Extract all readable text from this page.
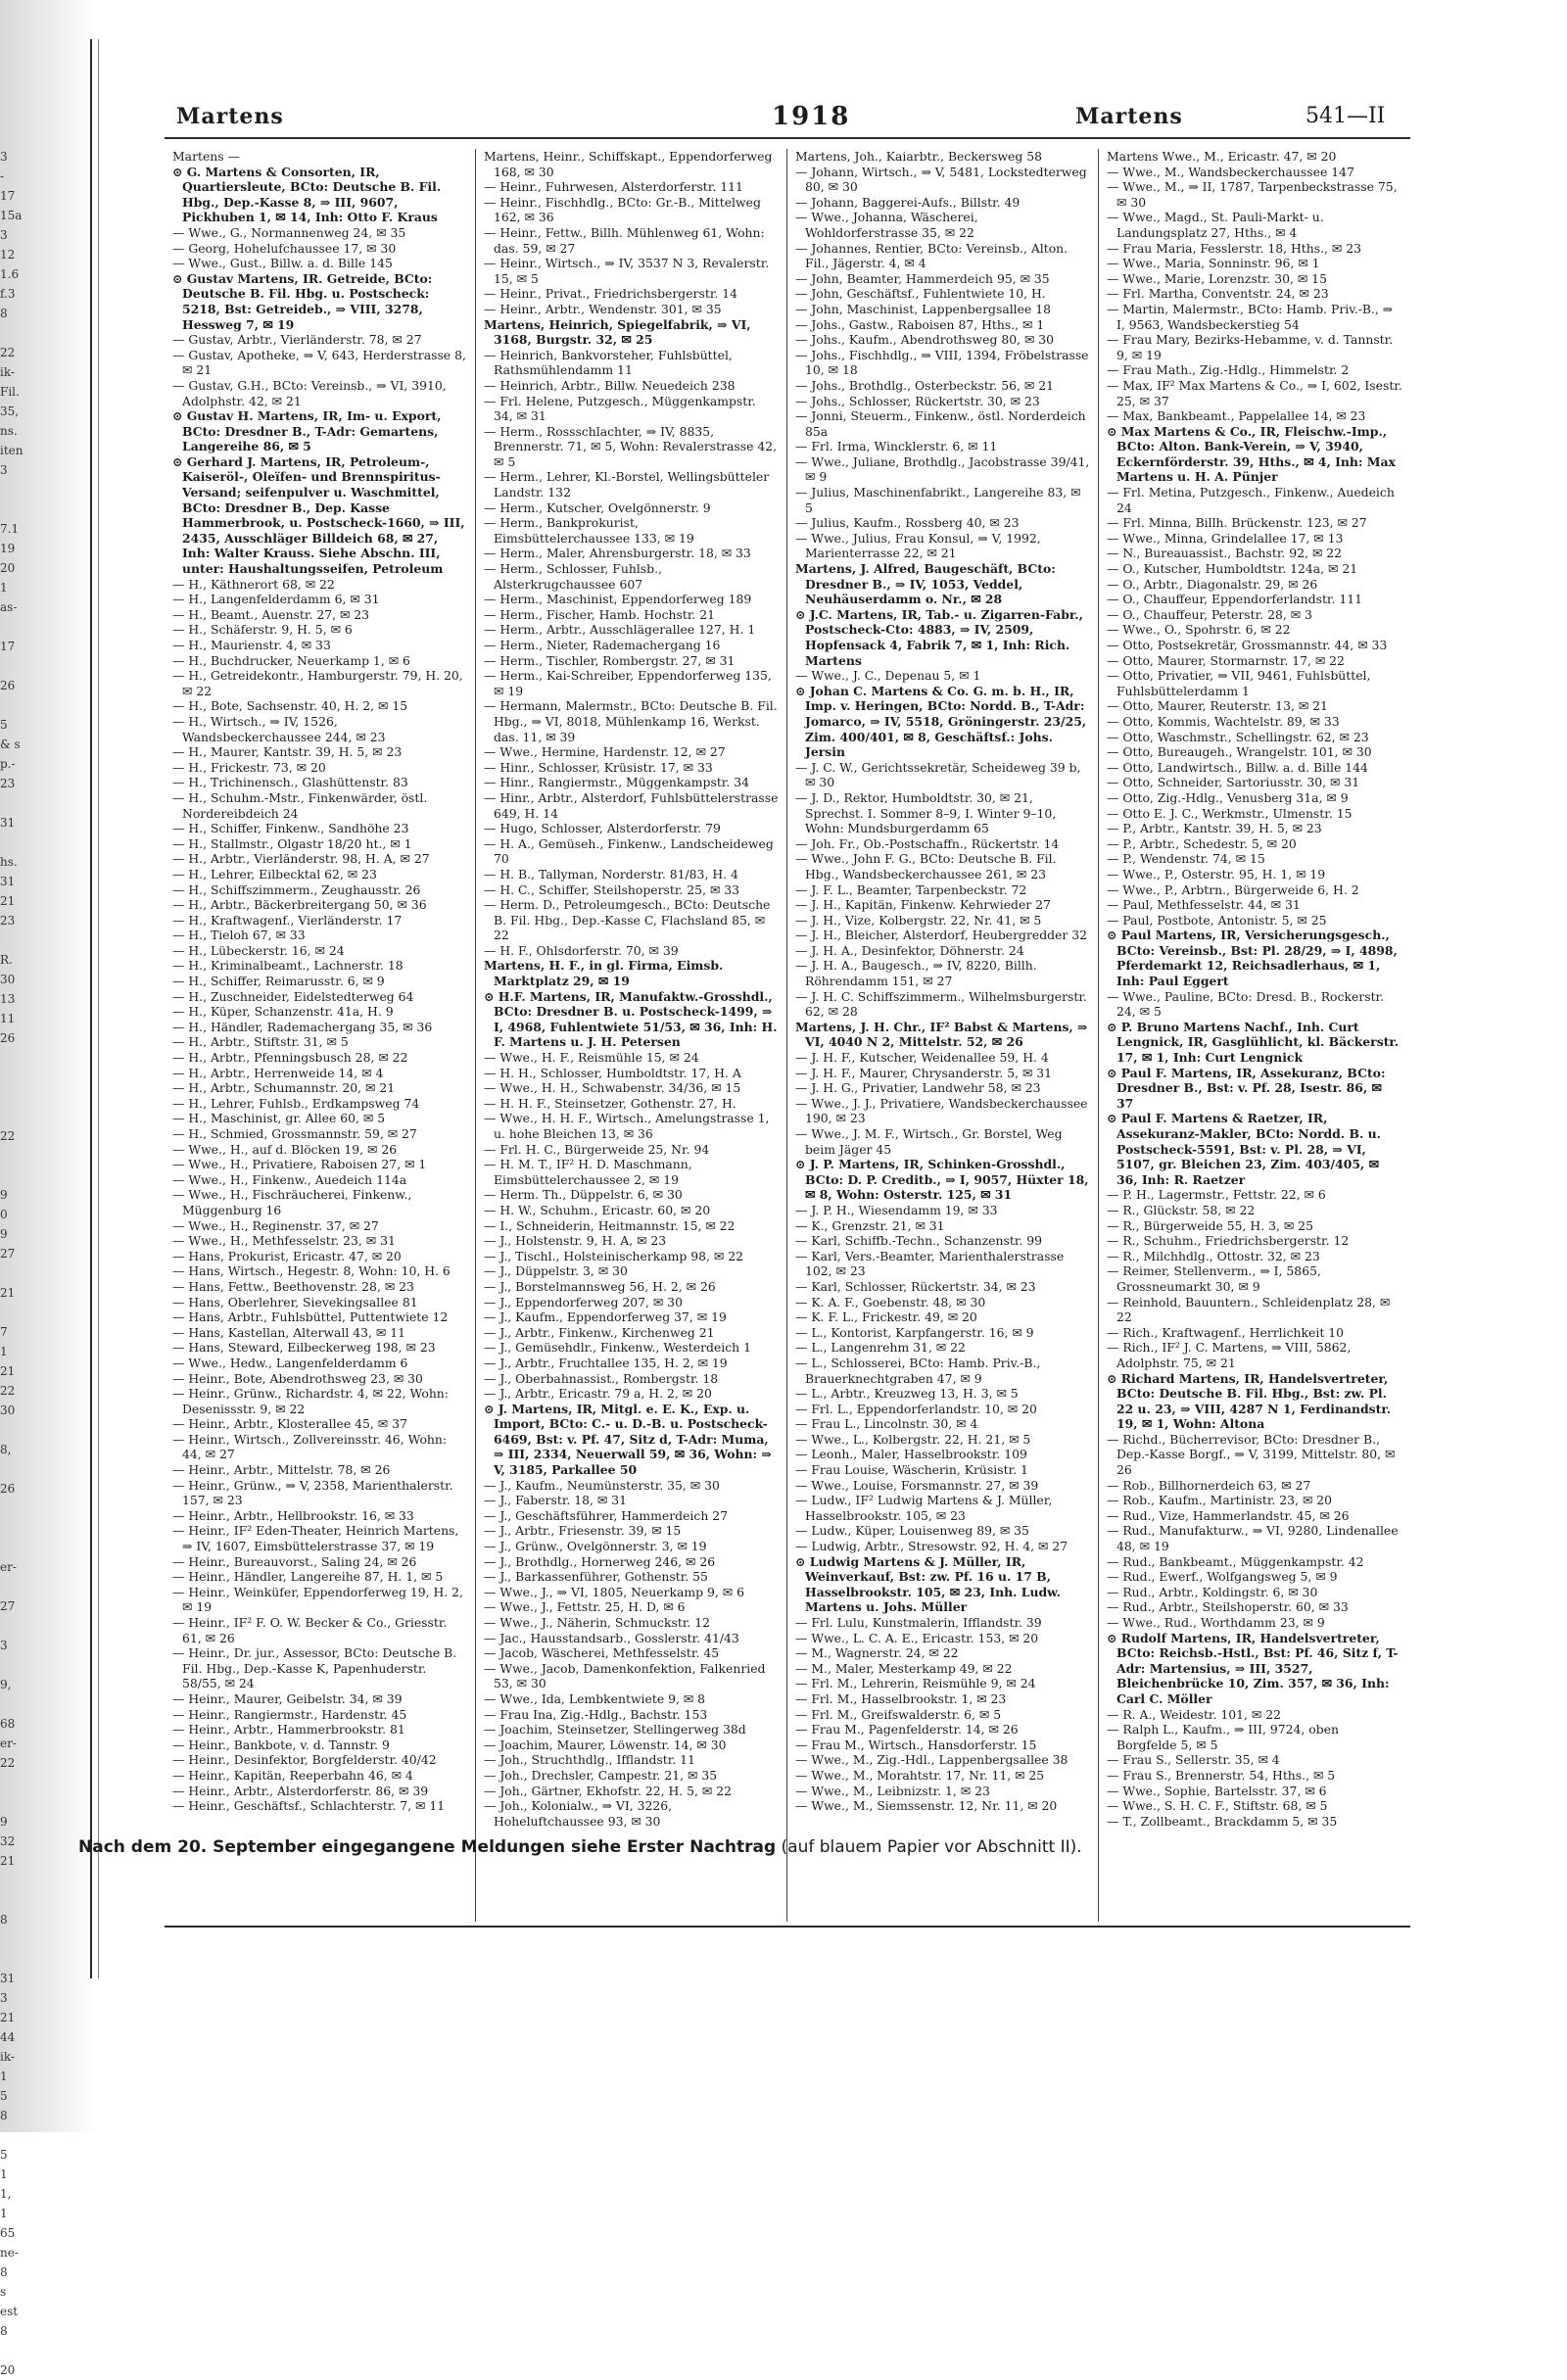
3
-
17
15a
3
12
1.6
f.3
8

22
ik-
Fil.
35,
ns.
iten
3

7.1
19
20
1
as-

17

26

5
& s
p.-
23

31

hs.
31
21
23

R.
30
13
11
26

22

9
0
9
27

21

7
1
21
22
30

8,

26

er-

27

3

9,

68
er-
22

9
32
21

8

31
3
21
44
ik-
1
5
8

5
1
1,
1
65
ne-
8
s
est
8

20
Martens	1918	Martens	541—II
Martens —
⊙ G. Martens & Consorten, IR, Quartiersleute, BCto: Deutsche B. Fil. Hbg., Dep.-Kasse 8, ⇒ III, 9607, Pickhuben 1, ✉ 14, Inh: Otto F. Kraus
— Wwe., G., Normannenweg 24, ✉ 35
— Georg, Hohelufchaussee 17, ✉ 30
— Wwe., Gust., Billw. a. d. Bille 145
⊙ Gustav Martens, IR. Getreide, BCto: Deutsche B. Fil. Hbg. u. Postscheck: 5218, Bst: Getreideb., ⇒ VIII, 3278, Hessweg 7, ✉ 19
— Gustav, Arbtr., Vierländerstr. 78, ✉ 27
— Gustav, Apotheke, ⇒ V, 643, Herderstrasse 8, ✉ 21
— Gustav, G.H., BCto: Vereinsb., ⇒ VI, 3910, Adolphstr. 42, ✉ 21
⊙ Gustav H. Martens, IR, Im- u. Export, BCto: Dresdner B., T-Adr: Gemartens, Langereihe 86, ✉ 5
⊙ Gerhard J. Martens, IR, Petroleum-, Kaiseröl-, Oleïfen- und Brennspiritus-Versand; seifenpulver u. Waschmittel, BCto: Dresdner B., Dep. Kasse Hammerbrook, u. Postscheck-1660, ⇒ III, 2435, Ausschläger Billdeich 68, ✉ 27, Inh: Walter Krauss. Siehe Abschn. III, unter: Haushaltungsseifen, Petroleum
— H., Käthnerort 68, ✉ 22
— H., Langenfelderdamm 6, ✉ 31
— H., Beamt., Auenstr. 27, ✉ 23
— H., Schäferstr. 9, H. 5, ✉ 6
— H., Maurienstr. 4, ✉ 33
— H., Buchdrucker, Neuerkamp 1, ✉ 6
— H., Getreidekontr., Hamburgerstr. 79, H. 20, ✉ 22
— H., Bote, Sachsenstr. 40, H. 2, ✉ 15
— H., Wirtsch., ⇒ IV, 1526, Wandsbeckerchaussee 244, ✉ 23
— H., Maurer, Kantstr. 39, H. 5, ✉ 23
— H., Frickestr. 73, ✉ 20
— H., Trichinensch., Glashüttenstr. 83
— H., Schuhm.-Mstr., Finkenwärder, östl. Nordereibdeich 24
— H., Schiffer, Finkenw., Sandhöhe 23
— H., Stallmstr., Olgastr 18/20 ht., ✉ 1
— H., Arbtr., Vierländerstr. 98, H. A, ✉ 27
— H., Lehrer, Eilbecktal 62, ✉ 23
— H., Schiffszimmerm., Zeughausstr. 26
— H., Arbtr., Bäckerbreitergang 50, ✉ 36
— H., Kraftwagenf., Vierländerstr. 17
— H., Tieloh 67, ✉ 33
— H., Lübeckerstr. 16, ✉ 24
— H., Kriminalbeamt., Lachnerstr. 18
— H., Schiffer, Reimarusstr. 6, ✉ 9
— H., Zuschneider, Eidelstedterweg 64
— H., Küper, Schanzenstr. 41a, H. 9
— H., Händler, Rademachergang 35, ✉ 36
— H., Arbtr., Stiftstr. 31, ✉ 5
— H., Arbtr., Pfenningsbusch 28, ✉ 22
— H., Arbtr., Herrenweide 14, ✉ 4
— H., Arbtr., Schumannstr. 20, ✉ 21
— H., Lehrer, Fuhlsb., Erdkampsweg 74
— H., Maschinist, gr. Allee 60, ✉ 5
— H., Schmied, Grossmannstr. 59, ✉ 27
— Wwe., H., auf d. Blöcken 19, ✉ 26
— Wwe., H., Privatiere, Raboisen 27, ✉ 1
— Wwe., H., Finkenw., Auedeich 114a
— Wwe., H., Fischräucherei, Finkenw., Müggenburg 16
— Wwe., H., Reginenstr. 37, ✉ 27
— Wwe., H., Methfesselstr. 23, ✉ 31
— Hans, Prokurist, Ericastr. 47, ✉ 20
— Hans, Wirtsch., Hegestr. 8, Wohn: 10, H. 6
— Hans, Fettw., Beethovenstr. 28, ✉ 23
— Hans, Oberlehrer, Sievekingsallee 81
— Hans, Arbtr., Fuhlsbüttel, Puttentwiete 12
— Hans, Kastellan, Alterwall 43, ✉ 11
— Hans, Steward, Eilbeckerweg 198, ✉ 23
— Wwe., Hedw., Langenfelderdamm 6
— Heinr., Bote, Abendrothsweg 23, ✉ 30
— Heinr., Grünw., Richardstr. 4, ✉ 22, Wohn: Desenissstr. 9, ✉ 22
— Heinr., Arbtr., Klosterallee 45, ✉ 37
— Heinr., Wirtsch., Zollvereinsstr. 46, Wohn: 44, ✉ 27
— Heinr., Arbtr., Mittelstr. 78, ✉ 26
— Heinr., Grünw., ⇒ V, 2358, Marienthalerstr. 157, ✉ 23
— Heinr., Arbtr., Hellbrookstr. 16, ✉ 33
— Heinr., IF² Eden-Theater, Heinrich Martens, ⇒ IV, 1607, Eimsbüttelerstrasse 37, ✉ 19
— Heinr., Bureauvorst., Saling 24, ✉ 26
— Heinr., Händler, Langereihe 87, H. 1, ✉ 5
— Heinr., Weinküfer, Eppendorferweg 19, H. 2, ✉ 19
— Heinr., IF² F. O. W. Becker & Co., Griesstr. 61, ✉ 26
— Heinr., Dr. jur., Assessor, BCto: Deutsche B. Fil. Hbg., Dep.-Kasse K, Papenhuderstr. 58/55, ✉ 24
— Heinr., Maurer, Geibelstr. 34, ✉ 39
— Heinr., Rangiermstr., Hardenstr. 45
— Heinr., Arbtr., Hammerbrookstr. 81
— Heinr., Bankbote, v. d. Tannstr. 9
— Heinr., Desinfektor, Borgfelderstr. 40/42
— Heinr., Kapitän, Reeperbahn 46, ✉ 4
— Heinr., Arbtr., Alsterdorferstr. 86, ✉ 39
— Heinr., Geschäftsf., Schlachterstr. 7, ✉ 11
Martens, Heinr., Schiffskapt., Eppendorferweg 168, ✉ 30
— Heinr., Fuhrwesen, Alsterdorferstr. 111
— Heinr., Fischhdlg., BCto: Gr.-B., Mittelweg 162, ✉ 36
— Heinr., Fettw., Billh. Mühlenweg 61, Wohn: das. 59, ✉ 27
— Heinr., Wirtsch., ⇒ IV, 3537 N 3, Revalerstr. 15, ✉ 5
— Heinr., Privat., Friedrichsbergerstr. 14
— Heinr., Arbtr., Wendenstr. 301, ✉ 35
Martens, Heinrich, Spiegelfabrik, ⇒ VI, 3168, Burgstr. 32, ✉ 25
— Heinrich, Bankvorsteher, Fuhlsbüttel, Rathsmühlendamm 11
— Heinrich, Arbtr., Billw. Neuedeich 238
— Frl. Helene, Putzgesch., Müggenkampstr. 34, ✉ 31
— Herm., Rossschlachter, ⇒ IV, 8835, Brennerstr. 71, ✉ 5, Wohn: Revalerstrasse 42, ✉ 5
— Herm., Lehrer, Kl.-Borstel, Wellingsbütteler Landstr. 132
— Herm., Kutscher, Ovelgönnerstr. 9
— Herm., Bankprokurist, Eimsbüttelerchaussee 133, ✉ 19
— Herm., Maler, Ahrensburgerstr. 18, ✉ 33
— Herm., Schlosser, Fuhlsb., Alsterkrugchaussee 607
— Herm., Maschinist, Eppendorferweg 189
— Herm., Fischer, Hamb. Hochstr. 21
— Herm., Arbtr., Ausschlägerallee 127, H. 1
— Herm., Nieter, Rademachergang 16
— Herm., Tischler, Rombergstr. 27, ✉ 31
— Herm., Kai-Schreiber, Eppendorferweg 135, ✉ 19
— Hermann, Malermstr., BCto: Deutsche B. Fil. Hbg., ⇒ VI, 8018, Mühlenkamp 16, Werkst. das. 11, ✉ 39
— Wwe., Hermine, Hardenstr. 12, ✉ 27
— Hinr., Schlosser, Krüsistr. 17, ✉ 33
— Hinr., Rangiermstr., Müggenkampstr. 34
— Hinr., Arbtr., Alsterdorf, Fuhlsbüttelerstrasse 649, H. 14
— Hugo, Schlosser, Alsterdorferstr. 79
— H. A., Gemüseh., Finkenw., Landscheideweg 70
— H. B., Tallyman, Norderstr. 81/83, H. 4
— H. C., Schiffer, Steilshoperstr. 25, ✉ 33
— Herm. D., Petroleumgesch., BCto: Deutsche B. Fil. Hbg., Dep.-Kasse C, Flachsland 85, ✉ 22
— H. F., Ohlsdorferstr. 70, ✉ 39
Martens, H. F., in gl. Firma, Eimsb. Marktplatz 29, ✉ 19
⊙ H.F. Martens, IR, Manufaktw.-Grosshdl., BCto: Dresdner B. u. Postscheck-1499, ⇒ I, 4968, Fuhlentwiete 51/53, ✉ 36, Inh: H. F. Martens u. J. H. Petersen
— Wwe., H. F., Reismühle 15, ✉ 24
— H. H., Schlosser, Humboldtstr. 17, H. A
— Wwe., H. H., Schwabenstr. 34/36, ✉ 15
— H. H. F., Steinsetzer, Gothenstr. 27, H.
— Wwe., H. H. F., Wirtsch., Amelungstrasse 1, u. hohe Bleichen 13, ✉ 36
— Frl. H. C., Bürgerweide 25, Nr. 94
— H. M. T., IF² H. D. Maschmann, Eimsbüttelerchaussee 2, ✉ 19
— Herm. Th., Düppelstr. 6, ✉ 30
— H. W., Schuhm., Ericastr. 60, ✉ 20
— I., Schneiderin, Heitmannstr. 15, ✉ 22
— J., Holstenstr. 9, H. A, ✉ 23
— J., Tischl., Holsteinischerkamp 98, ✉ 22
— J., Düppelstr. 3, ✉ 30
— J., Borstelmannsweg 56, H. 2, ✉ 26
— J., Eppendorferweg 207, ✉ 30
— J., Kaufm., Eppendorferweg 37, ✉ 19
— J., Arbtr., Finkenw., Kirchenweg 21
— J., Gemüsehdlr., Finkenw., Westerdeich 1
— J., Arbtr., Fruchtallee 135, H. 2, ✉ 19
— J., Oberbahnassist., Rombergstr. 18
— J., Arbtr., Ericastr. 79 a, H. 2, ✉ 20
⊙ J. Martens, IR, Mitgl. e. E. K., Exp. u. Import, BCto: C.- u. D.-B. u. Postscheck-6469, Bst: v. Pf. 47, Sitz d, T-Adr: Muma, ⇒ III, 2334, Neuerwall 59, ✉ 36, Wohn: ⇒ V, 3185, Parkallee 50
— J., Kaufm., Neumünsterstr. 35, ✉ 30
— J., Faberstr. 18, ✉ 31
— J., Geschäftsführer, Hammerdeich 27
— J., Arbtr., Friesenstr. 39, ✉ 15
— J., Grünw., Ovelgönnerstr. 3, ✉ 19
— J., Brothdlg., Hornerweg 246, ✉ 26
— J., Barkassenführer, Gothenstr. 55
— Wwe., J., ⇒ VI, 1805, Neuerkamp 9, ✉ 6
— Wwe., J., Fettstr. 25, H. D, ✉ 6
— Wwe., J., Näherin, Schmuckstr. 12
— Jac., Hausstandsarb., Gosslerstr. 41/43
— Jacob, Wäscherei, Methfesselstr. 45
— Wwe., Jacob, Damenkonfektion, Falkenried 53, ✉ 30
— Wwe., Ida, Lembkentwiete 9, ✉ 8
— Frau Ina, Zig.-Hdlg., Bachstr. 153
— Joachim, Steinsetzer, Stellingerweg 38d
— Joachim, Maurer, Löwenstr. 14, ✉ 30
— Joh., Struchthdlg., Ifflandstr. 11
— Joh., Drechsler, Campestr. 21, ✉ 35
— Joh., Gärtner, Ekhofstr. 22, H. 5, ✉ 22
— Joh., Kolonialw., ⇒ VI, 3226, Hoheluftchaussee 93, ✉ 30
Martens, Joh., Kaiarbtr., Beckersweg 58
— Johann, Wirtsch., ⇒ V, 5481, Lockstedterweg 80, ✉ 30
— Johann, Baggerei-Aufs., Billstr. 49
— Wwe., Johanna, Wäscherei, Wohldorferstrasse 35, ✉ 22
— Johannes, Rentier, BCto: Vereinsb., Alton. Fil., Jägerstr. 4, ✉ 4
— John, Beamter, Hammerdeich 95, ✉ 35
— John, Geschäftsf., Fuhlentwiete 10, H.
— John, Maschinist, Lappenbergsallee 18
— Johs., Gastw., Raboisen 87, Hths., ✉ 1
— Johs., Kaufm., Abendrothsweg 80, ✉ 30
— Johs., Fischhdlg., ⇒ VIII, 1394, Fröbelstrasse 10, ✉ 18
— Johs., Brothdlg., Osterbeckstr. 56, ✉ 21
— Johs., Schlosser, Rückertstr. 30, ✉ 23
— Jonni, Steuerm., Finkenw., östl. Norderdeich 85a
— Frl. Irma, Wincklerstr. 6, ✉ 11
— Wwe., Juliane, Brothdlg., Jacobstrasse 39/41, ✉ 9
— Julius, Maschinenfabrikt., Langereihe 83, ✉ 5
— Julius, Kaufm., Rossberg 40, ✉ 23
— Wwe., Julius, Frau Konsul, ⇒ V, 1992, Marienterrasse 22, ✉ 21
Martens, J. Alfred, Baugeschäft, BCto: Dresdner B., ⇒ IV, 1053, Veddel, Neuhäuserdamm o. Nr., ✉ 28
⊙ J.C. Martens, IR, Tab.- u. Zigarren-Fabr., Postscheck-Cto: 4883, ⇒ IV, 2509, Hopfensack 4, Fabrik 7, ✉ 1, Inh: Rich. Martens
— Wwe., J. C., Depenau 5, ✉ 1
⊙ Johan C. Martens & Co. G. m. b. H., IR, Imp. v. Heringen, BCto: Nordd. B., T-Adr: Jomarco, ⇒ IV, 5518, Gröningerstr. 23/25, Zim. 400/401, ✉ 8, Geschäftsf.: Johs. Jersin
— J. C. W., Gerichtssekretär, Scheideweg 39 b, ✉ 30
— J. D., Rektor, Humboldtstr. 30, ✉ 21, Sprechst. I. Sommer 8–9, I. Winter 9–10, Wohn: Mundsburgerdamm 65
— Joh. Fr., Ob.-Postschaffn., Rückertstr. 14
— Wwe., John F. G., BCto: Deutsche B. Fil. Hbg., Wandsbeckerchaussee 261, ✉ 23
— J. F. L., Beamter, Tarpenbeckstr. 72
— J. H., Kapitän, Finkenw. Kehrwieder 27
— J. H., Vize, Kolbergstr. 22, Nr. 41, ✉ 5
— J. H., Bleicher, Alsterdorf, Heubergredder 32
— J. H. A., Desinfektor, Döhnerstr. 24
— J. H. A., Baugesch., ⇒ IV, 8220, Billh. Röhrendamm 151, ✉ 27
— J. H. C. Schiffszimmerm., Wilhelmsburgerstr. 62, ✉ 28
Martens, J. H. Chr., IF² Babst & Martens, ⇒ VI, 4040 N 2, Mittelstr. 52, ✉ 26
— J. H. F., Kutscher, Weidenallee 59, H. 4
— J. H. F., Maurer, Chrysanderstr. 5, ✉ 31
— J. H. G., Privatier, Landwehr 58, ✉ 23
— Wwe., J. J., Privatiere, Wandsbeckerchaussee 190, ✉ 23
— Wwe., J. M. F., Wirtsch., Gr. Borstel, Weg beim Jäger 45
⊙ J. P. Martens, IR, Schinken-Grosshdl., BCto: D. P. Creditb., ⇒ I, 9057, Hüxter 18, ✉ 8, Wohn: Osterstr. 125, ✉ 31
— J. P. H., Wiesendamm 19, ✉ 33
— K., Grenzstr. 21, ✉ 31
— Karl, Schiffb.-Techn., Schanzenstr. 99
— Karl, Vers.-Beamter, Marienthalerstrasse 102, ✉ 23
— Karl, Schlosser, Rückertstr. 34, ✉ 23
— K. A. F., Goebenstr. 48, ✉ 30
— K. F. L., Frickestr. 49, ✉ 20
— L., Kontorist, Karpfangerstr. 16, ✉ 9
— L., Langenrehm 31, ✉ 22
— L., Schlosserei, BCto: Hamb. Priv.-B., Brauerknechtgraben 47, ✉ 9
— L., Arbtr., Kreuzweg 13, H. 3, ✉ 5
— Frl. L., Eppendorferlandstr. 10, ✉ 20
— Frau L., Lincolnstr. 30, ✉ 4
— Wwe., L., Kolbergstr. 22, H. 21, ✉ 5
— Leonh., Maler, Hasselbrookstr. 109
— Frau Louise, Wäscherin, Krüsistr. 1
— Wwe., Louise, Forsmannstr. 27, ✉ 39
— Ludw., IF² Ludwig Martens & J. Müller, Hasselbrookstr. 105, ✉ 23
— Ludw., Küper, Louisenweg 89, ✉ 35
— Ludwig, Arbtr., Stresowstr. 92, H. 4, ✉ 27
⊙ Ludwig Martens & J. Müller, IR, Weinverkauf, Bst: zw. Pf. 16 u. 17 B, Hasselbrookstr. 105, ✉ 23, Inh. Ludw. Martens u. Johs. Müller
— Frl. Lulu, Kunstmalerin, Ifflandstr. 39
— Wwe., L. C. A. E., Ericastr. 153, ✉ 20
— M., Wagnerstr. 24, ✉ 22
— M., Maler, Mesterkamp 49, ✉ 22
— Frl. M., Lehrerin, Reismühle 9, ✉ 24
— Frl. M., Hasselbrookstr. 1, ✉ 23
— Frl. M., Greifswalderstr. 6, ✉ 5
— Frau M., Pagenfelderstr. 14, ✉ 26
— Frau M., Wirtsch., Hansdorferstr. 15
— Wwe., M., Zig.-Hdl., Lappenbergsallee 38
— Wwe., M., Morahtstr. 17, Nr. 11, ✉ 25
— Wwe., M., Leibnizstr. 1, ✉ 23
— Wwe., M., Siemssenstr. 12, Nr. 11, ✉ 20
Martens Wwe., M., Ericastr. 47, ✉ 20
— Wwe., M., Wandsbeckerchaussee 147
— Wwe., M., ⇒ II, 1787, Tarpenbeckstrasse 75, ✉ 30
— Wwe., Magd., St. Pauli-Markt- u. Landungsplatz 27, Hths., ✉ 4
— Frau Maria, Fesslerstr. 18, Hths., ✉ 23
— Wwe., Maria, Sonninstr. 96, ✉ 1
— Wwe., Marie, Lorenzstr. 30, ✉ 15
— Frl. Martha, Conventstr. 24, ✉ 23
— Martin, Malermstr., BCto: Hamb. Priv.-B., ⇒ I, 9563, Wandsbeckerstieg 54
— Frau Mary, Bezirks-Hebamme, v. d. Tannstr. 9, ✉ 19
— Frau Math., Zig.-Hdlg., Himmelstr. 2
— Max, IF² Max Martens & Co., ⇒ I, 602, Isestr. 25, ✉ 37
— Max, Bankbeamt., Pappelallee 14, ✉ 23
⊙ Max Martens & Co., IR, Fleischw.-Imp., BCto: Alton. Bank-Verein, ⇒ V, 3940, Eckernförderstr. 39, Hths., ✉ 4, Inh: Max Martens u. H. A. Pünjer
— Frl. Metina, Putzgesch., Finkenw., Auedeich 24
— Frl. Minna, Billh. Brückenstr. 123, ✉ 27
— Wwe., Minna, Grindelallee 17, ✉ 13
— N., Bureauassist., Bachstr. 92, ✉ 22
— O., Kutscher, Humboldtstr. 124a, ✉ 21
— O., Arbtr., Diagonalstr. 29, ✉ 26
— O., Chauffeur, Eppendorferlandstr. 111
— O., Chauffeur, Peterstr. 28, ✉ 3
— Wwe., O., Spohrstr. 6, ✉ 22
— Otto, Postsekretär, Grossmannstr. 44, ✉ 33
— Otto, Maurer, Stormarnstr. 17, ✉ 22
— Otto, Privatier, ⇒ VII, 9461, Fuhlsbüttel, Fuhlsbüttelerdamm 1
— Otto, Maurer, Reuterstr. 13, ✉ 21
— Otto, Kommis, Wachtelstr. 89, ✉ 33
— Otto, Waschmstr., Schellingstr. 62, ✉ 23
— Otto, Bureaugeh., Wrangelstr. 101, ✉ 30
— Otto, Landwirtsch., Billw. a. d. Bille 144
— Otto, Schneider, Sartoriusstr. 30, ✉ 31
— Otto, Zig.-Hdlg., Venusberg 31a, ✉ 9
— Otto E. J. C., Werkmstr., Ulmenstr. 15
— P., Arbtr., Kantstr. 39, H. 5, ✉ 23
— P., Arbtr., Schedestr. 5, ✉ 20
— P., Wendenstr. 74, ✉ 15
— Wwe., P., Osterstr. 95, H. 1, ✉ 19
— Wwe., P., Arbtrn., Bürgerweide 6, H. 2
— Paul, Methfesselstr. 44, ✉ 31
— Paul, Postbote, Antonistr. 5, ✉ 25
⊙ Paul Martens, IR, Versicherungsgesch., BCto: Vereinsb., Bst: Pl. 28/29, ⇒ I, 4898, Pferdemarkt 12, Reichsadlerhaus, ✉ 1, Inh: Paul Eggert
— Wwe., Pauline, BCto: Dresd. B., Rockerstr. 24, ✉ 5
⊙ P. Bruno Martens Nachf., Inh. Curt Lengnick, IR, Gasglühlicht, kl. Bäckerstr. 17, ✉ 1, Inh: Curt Lengnick
⊙ Paul F. Martens, IR, Assekuranz, BCto: Dresdner B., Bst: v. Pf. 28, Isestr. 86, ✉ 37
⊙ Paul F. Martens & Raetzer, IR, Assekuranz-Makler, BCto: Nordd. B. u. Postscheck-5591, Bst: v. Pl. 28, ⇒ VI, 5107, gr. Bleichen 23, Zim. 403/405, ✉ 36, Inh: R. Raetzer
— P. H., Lagermstr., Fettstr. 22, ✉ 6
— R., Glückstr. 58, ✉ 22
— R., Bürgerweide 55, H. 3, ✉ 25
— R., Schuhm., Friedrichsbergerstr. 12
— R., Milchhdlg., Ottostr. 32, ✉ 23
— Reimer, Stellenverm., ⇒ I, 5865, Grossneumarkt 30, ✉ 9
— Reinhold, Bauuntern., Schleidenplatz 28, ✉ 22
— Rich., Kraftwagenf., Herrlichkeit 10
— Rich., IF² J. C. Martens, ⇒ VIII, 5862, Adolphstr. 75, ✉ 21
⊙ Richard Martens, IR, Handelsvertreter, BCto: Deutsche B. Fil. Hbg., Bst: zw. Pl. 22 u. 23, ⇒ VIII, 4287 N 1, Ferdinandstr. 19, ✉ 1, Wohn: Altona
— Richd., Bücherrevisor, BCto: Dresdner B., Dep.-Kasse Borgf., ⇒ V, 3199, Mittelstr. 80, ✉ 26
— Rob., Billhornerdeich 63, ✉ 27
— Rob., Kaufm., Martinistr. 23, ✉ 20
— Rud., Vize, Hammerlandstr. 45, ✉ 26
— Rud., Manufakturw., ⇒ VI, 9280, Lindenallee 48, ✉ 19
— Rud., Bankbeamt., Müggenkampstr. 42
— Rud., Ewerf., Wolfgangsweg 5, ✉ 9
— Rud., Arbtr., Koldingstr. 6, ✉ 30
— Rud., Arbtr., Steilshoperstr. 60, ✉ 33
— Wwe., Rud., Worthdamm 23, ✉ 9
⊙ Rudolf Martens, IR, Handelsvertreter, BCto: Reichsb.-Hstl., Bst: Pf. 46, Sitz f, T-Adr: Martensius, ⇒ III, 3527, Bleichenbrücke 10, Zim. 357, ✉ 36, Inh: Carl C. Möller
— R. A., Weidestr. 101, ✉ 22
— Ralph L., Kaufm., ⇒ III, 9724, oben Borgfelde 5, ✉ 5
— Frau S., Sellerstr. 35, ✉ 4
— Frau S., Brennerstr. 54, Hths., ✉ 5
— Wwe., Sophie, Bartelsstr. 37, ✉ 6
— Wwe., S. H. C. F., Stiftstr. 68, ✉ 5
— T., Zollbeamt., Brackdamm 5, ✉ 35
Nach dem 20. September eingegangene Meldungen siehe Erster Nachtrag (auf blauem Papier vor Abschnitt II).
